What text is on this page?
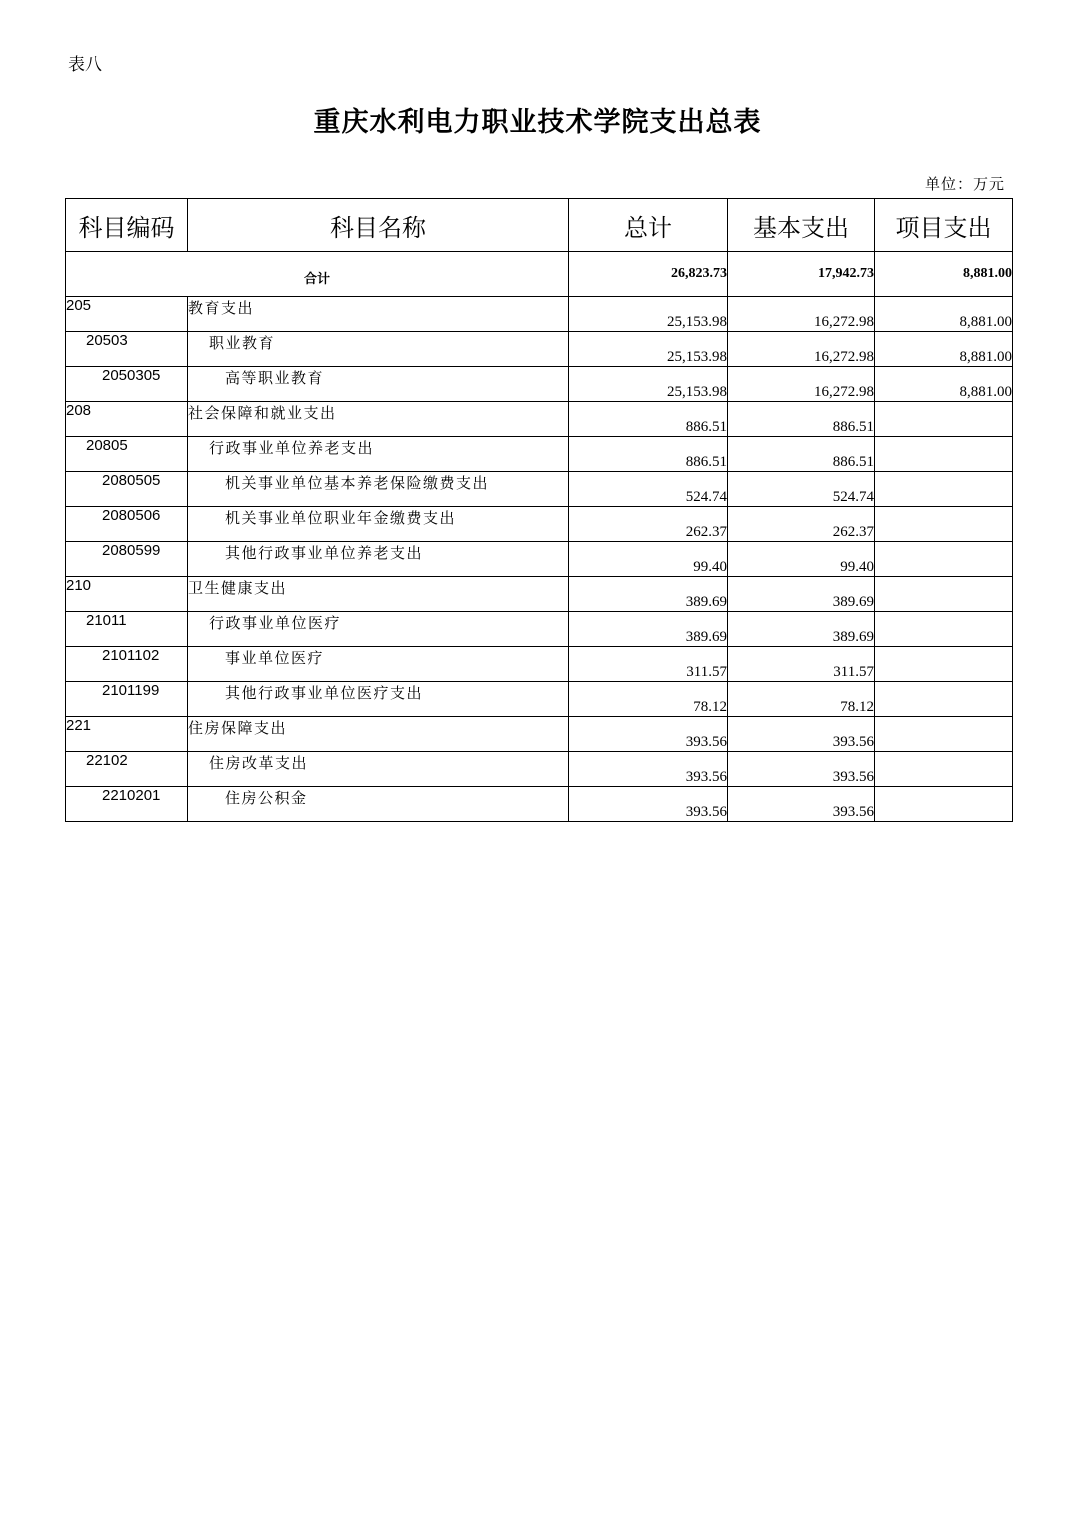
表八
重庆水利电力职业技术学院支出总表
单位：万元
科目编码	科目名称	总计	基本支出	项目支出
合计		26,823.73	17,942.73	8,881.00
205	教育支出	25,153.98	16,272.98	8,881.00
20503	职业教育	25,153.98	16,272.98	8,881.00
2050305	高等职业教育	25,153.98	16,272.98	8,881.00
208	社会保障和就业支出	886.51	886.51	
20805	行政事业单位养老支出	886.51	886.51	
2080505	机关事业单位基本养老保险缴费支出	524.74	524.74	
2080506	机关事业单位职业年金缴费支出	262.37	262.37	
2080599	其他行政事业单位养老支出	99.40	99.40	
210	卫生健康支出	389.69	389.69	
21011	行政事业单位医疗	389.69	389.69	
2101102	事业单位医疗	311.57	311.57	
2101199	其他行政事业单位医疗支出	78.12	78.12	
221	住房保障支出	393.56	393.56	
22102	住房改革支出	393.56	393.56	
2210201	住房公积金	393.56	393.56	
